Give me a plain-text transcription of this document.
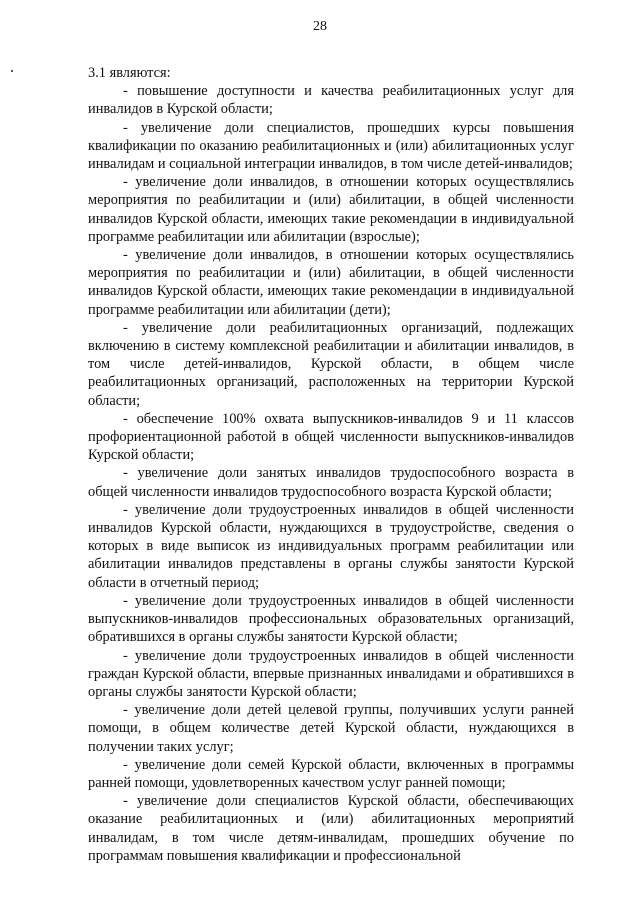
28

3.1 являются:

- повышение доступности и качества реабилитационных услуг для инвалидов в Курской области;

- увеличение доли специалистов, прошедших курсы повышения квалификации по оказанию реабилитационных и (или) абилитационных услуг инвалидам и социальной интеграции инвалидов, в том числе детей-инвалидов;

- увеличение доли инвалидов, в отношении которых осуществлялись мероприятия по реабилитации и (или) абилитации, в общей численности инвалидов Курской области, имеющих такие рекомендации в индивидуальной программе реабилитации или абилитации (взрослые);

- увеличение доли инвалидов, в отношении которых осуществлялись мероприятия по реабилитации и (или) абилитации, в общей численности инвалидов Курской области, имеющих такие рекомендации в индивидуальной программе реабилитации или абилитации (дети);

- увеличение доли реабилитационных организаций, подлежащих включению в систему комплексной реабилитации и абилитации инвалидов, в том числе детей-инвалидов, Курской области, в общем числе реабилитационных организаций, расположенных на территории Курской области;

- обеспечение 100% охвата выпускников-инвалидов 9 и 11 классов профориентационной работой в общей численности выпускников-инвалидов Курской области;

- увеличение доли занятых инвалидов трудоспособного возраста в общей численности инвалидов трудоспособного возраста Курской области;

- увеличение доли трудоустроенных инвалидов в общей численности инвалидов Курской области, нуждающихся в трудоустройстве, сведения о которых в виде выписок из индивидуальных программ реабилитации или абилитации инвалидов представлены в органы службы занятости Курской области в отчетный период;

- увеличение доли трудоустроенных инвалидов в общей численности выпускников-инвалидов профессиональных образовательных организаций, обратившихся в органы службы занятости Курской области;

- увеличение доли трудоустроенных инвалидов в общей численности граждан Курской области, впервые признанных инвалидами и обратившихся в органы службы занятости Курской области;

- увеличение доли детей целевой группы, получивших услуги ранней помощи, в общем количестве детей Курской области, нуждающихся в получении таких услуг;

- увеличение доли семей Курской области, включенных в программы ранней помощи, удовлетворенных качеством услуг ранней помощи;

- увеличение доли специалистов Курской области, обеспечивающих оказание реабилитационных и (или) абилитационных мероприятий инвалидам, в том числе детям-инвалидам, прошедших обучение по программам повышения квалификации и профессиональной
